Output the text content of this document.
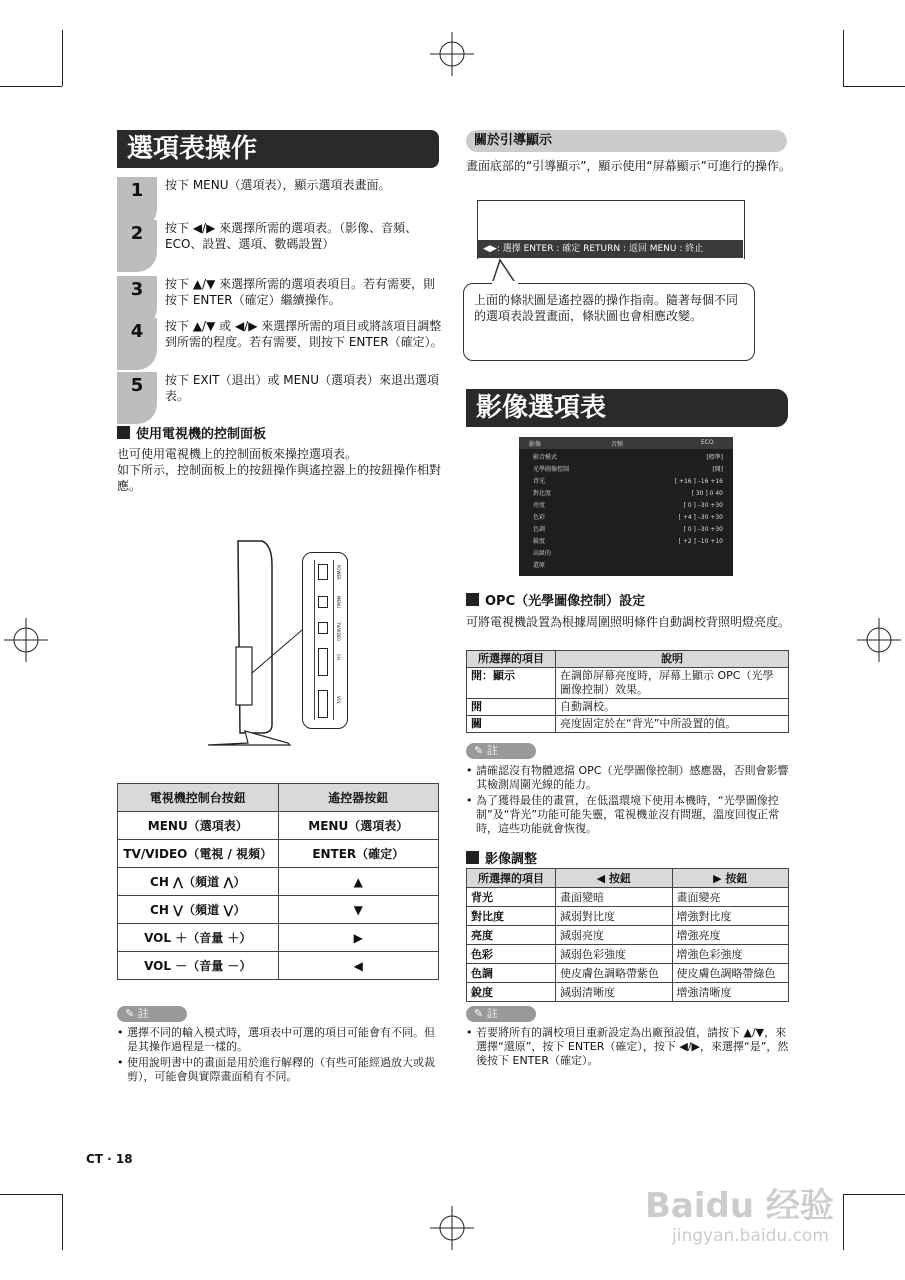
選項表操作
1	按下 MENU（選項表），顯示選項表畫面。
2	按下 ◀/▶ 來選擇所需的選項表。（影像、音頻、ECO、設置、選項、數碼設置）
3	按下 ▲/▼ 來選擇所需的選項表項目。若有需要，則按下 ENTER（確定）繼續操作。
4	按下 ▲/▼ 或 ◀/▶ 來選擇所需的項目或將該項目調整到所需的程度。若有需要，則按下 ENTER（確定）。
5	按下 EXIT（退出）或 MENU（選項表）來退出選項表。
使用電視機的控制面板
也可使用電視機上的控制面板來操控選項表。
如下所示，控制面板上的按鈕操作與遙控器上的按鈕操作相對應。
POWER
MENU
TV/VIDEO
CH
VOL
電視機控制台按鈕	遙控器按鈕
MENU（選項表）	MENU（選項表）
TV/VIDEO（電視 / 視頻）	ENTER（確定）
CH ⋀（頻道 ⋀）	▲
CH ⋁（頻道 ⋁）	▼
VOL ＋（音量 ＋）	▶
VOL －（音量 －）	◀
✎ 註
• 選擇不同的輸入模式時，選項表中可選的項目可能會有不同。但是其操作過程是一樣的。
• 使用說明書中的畫面是用於進行解釋的（有些可能經過放大或裁剪），可能會與實際畫面稍有不同。
CT · 18
關於引導顯示
畫面底部的“引導顯示”，顯示使用“屏幕顯示”可進行的操作。
◀▶: 選擇 ENTER : 確定 RETURN : 返回 MENU : 終止
上面的條狀圖是遙控器的操作指南。隨著每個不同的選項表設置畫面，條狀圖也會相應改變。
影像選項表
影像	音頻	ECO
影音模式	[標準]
光學圖像控制	[開]
背光	[ +16 ] –16 +16
對比度	[ 30 ] 0 40
亮度	[ 0 ] –30 +30
色彩	[ +4 ] –30 +30
色調	[ 0 ] –30 +30
銳度	[ +2 ] –10 +10
高級的
還原
OPC（光學圖像控制）設定
可將電視機設置為根據周圍照明條件自動調校背照明燈亮度。
所選擇的項目	說明
開：顯示	在調節屏幕亮度時，屏幕上顯示 OPC（光學圖像控制）效果。
開	自動調校。
關	亮度固定於在“背光”中所設置的值。
✎ 註
• 請確認沒有物體遮擋 OPC（光學圖像控制）感應器，否則會影響其檢測周圍光線的能力。
• 為了獲得最佳的畫質，在低溫環境下使用本機時，“光學圖像控制”及“背光”功能可能失靈，電視機並沒有問題，溫度回復正常時，這些功能就會恢復。
影像調整
所選擇的項目	◀ 按鈕	▶ 按鈕
背光	畫面變暗	畫面變亮
對比度	減弱對比度	增強對比度
亮度	減弱亮度	增強亮度
色彩	減弱色彩強度	增強色彩強度
色調	使皮膚色調略帶紫色	使皮膚色調略帶綠色
銳度	減弱清晰度	增強清晰度
✎ 註
• 若要將所有的調校項目重新設定為出廠預設值，請按下 ▲/▼，來選擇“還原”，按下 ENTER（確定），按下 ◀/▶，來選擇“是”，然後按下 ENTER（確定）。
Baidu 经验
jingyan.baidu.com
